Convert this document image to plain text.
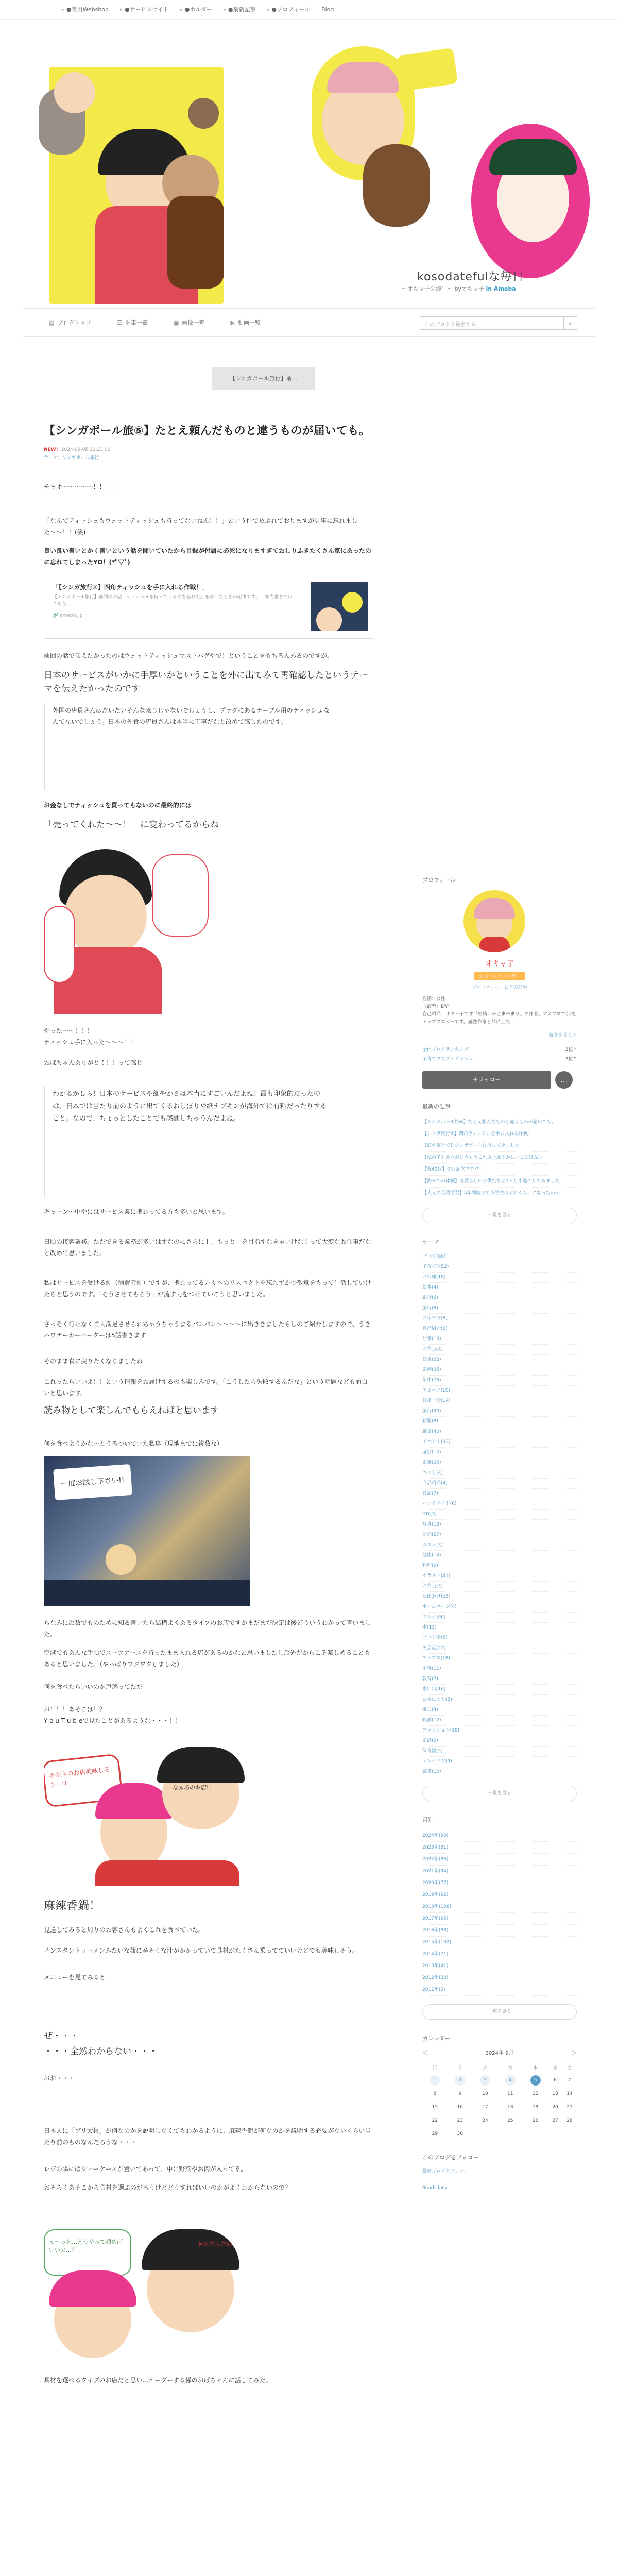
▸ ●専用Webshop	▸ ●サービスサイト	▸ ●ホルダー	▸ ●最新記事	▸ ●プロフィール Blog
kosodatefulな毎日
〜オキャ子の漫生〜 byオキャ子 in Ameba
▤ ブログトップ	☰ 記事一覧	▣ 画像一覧	▶ 動画一覧	このブログを検索する	⌕
【シンガポール旅行】前…
【シンガポール旅⑤】たとえ頼んだものと違うものが届いても。
NEW! 2024-09-05 12:23:00
テーマ：シンガポール旅行

チャオ〜〜〜〜〜！！！！

「なんでティッシュもウェットティッシュも持ってないねん！！」という件で及ぶれておりますが見事に忘れました〜〜！！(笑)

良い良い書いとかく書いという話を聞いていたから目録が付属に必死になりますぎておしりふきたくさん家にあったのに忘れてしまったYO！(*ﾟ▽ﾟ)

「【シンガ旅行②】四角ティッシュを手に入れる作戦！」
【シンガポール旅行】前回のお話「ティッシュを持ってくるのを忘れた」を書いたときの記事です。…案内書きではこちら…
🔗 ameblo.jp

前回の話で伝えたかったのはウェットティッシュマストバグやで！ということをもちろんあるのですが。

日本のサービスがいかに手厚いかということを外に出てみて再確認したというテーマを伝えたかったのです

外国の店員さんはだいたいそんな感じじゃないでしょうし、プラダにあるテーブル用のティッシュなんてないでしょう。日本の外食の店員さんは本当に丁寧だなと改めて感じたのです。

お金なしでティッシュを買ってもないのに最終的には

「売ってくれた〜〜！」に変わってるからね

やった〜〜！！！

ティッシュ手に入った〜〜〜！！

おばちゃんありがとう！！って感じ

わかるかしら！日本のサービスや細やかさは本当にすごいんだよね！最も印象的だったのは、日本では当たり前のように出てくるおしぼりや紙ナプキンが海外では有料だったりすること。なので、ちょっとしたことでも感動しちゃうんだよね。

ギャーン〜中やにはサービス業に携わってる方も多いと思います。

日頃の接客業務。ただできる業務が多いはずなのにさらに上、もっと上を目指すなきゃいけなくって大変なお仕事だなと改めて思いました。

私はサービスを受ける側（消費者側）ですが、携わってる方々へのリスペクトを忘れずかつ敬意をもって生活していけたらと思うのです。「そうさせてもらう」が流す力をつけていこうと思いました。

さっそく行けなくて大満足させられちゃうちゃうまるバンバン〜〜〜〜に出ききましたもしのご紹介しますので、うきパワナーカーセーターは5話書きます

そのまま食に戻りたくなりましたね

これったらいいよ！！という情報をお届けするのも楽しみです。「こうしたら失敗するんだな」という話題なども面白いと思います。

読み物として楽しんでもらえればと思います

何を食べようかな〜とうろついていた私達（現地までに複数な）

一度お試し下さい!!

ちなみに旅数でものために知る書いたら結構よくあるタイプのお店ですがまだまだ決定は後どういうわかって言いました。

空港でもあんな手頃でスーツケースを持ったまま入れる店があるのかなと思いましたし旅先だからこそ楽しめることもあると思いました。（やっぱりワクワクしました）

何を食べたらいいのか戸惑ってただ

お！！！あそこは！？

Y o u T u b eで見たことがあるような・・・！！

あの店のお店美味しそう…!!	なぁあのお店!!
麻辣香鍋！

見送してみると周りのお客さんもよくこれを食べていた。

インスタントラーメンみたいな麺に辛そうな汁がかかっていて具材がたくさん乗ってていいけどでも美味しそう。

メニューを見てみると

ぜ・・・

・・・全然わからない・・・

おお・・・

日本人に「ブリ大根」が何なのかを説明しなくてもわかるように、麻辣香鍋が何なのかを説明する必要がないくらい当たり前のものなんだろうな・・・

レジの隣にはショーケースが置いてあって、中に野菜やお肉が入ってる。

おそらくあそこから具材を選ぶのだろうけどどうすればいいのかがよくわからないので？

え〜っと…どうやって頼めばいいの…？
何がなんだか

具材を選べるタイプのお店だと思い…オーダーする係のおばちゃんに話してみた。

プロフィール
オキャ子
公式トップブロガー
プロフィール　ピグの部屋
性別：女性
血液型：B型
自己紹介：オキャ子です「岩崎いかさまやまり」の作者。アメブロで公式トップブロガーです。感性作家と共に上演…
続きを見る＞
全体ブログランキング	3位↑
子育てブログ・ジャンル	2位↑
＋フォロー	…
最新の記事
【シンガポール旅⑤】たとえ頼んだものと違うものが届いても。
【シンガ旅行②】四角ティッシュを手に入れる作戦！
【海外旅行で】シンガポールに行ってきました
【私の子】ありがとうもうこれ以上恥ずかしいことはない
【祝40代】ケ月記念ブログ
【海外での体験】可愛らしい子供たちと1ヶ月半過ごしてみました
【大人の英語学習】4年間続けて英語力はどれくらいになったのか
一覧を見る
テーマ
ブログ(88)
子育て(452)
お料理(18)
絵本(4)
銀行(6)
旅行(8)
お年寄り(8)
自己紹介(2)
仕事(19)
お弁当(4)
日常(68)
家族(35)
年中(76)
スポーツ(10)
日常一般(14)
旅行(30)
私服(8)
雑貨(40)
イベント(92)
遊び(12)
家事(35)
ペット(4)
商品紹介(4)
日記(7)
ハンドメイド(6)
DIY(3)
写真(13)
掃除(27)
コスメ(3)
健康(14)
料理(9)
イラスト(41)
お弁当(3)
お出かけ(25)
ホームページ(4)
マンガ(60)
本(13)
ブログ術(5)
英会話(22)
アメブロ(18)
美容(11)
教育(7)
思い出(16)
お気に入り(5)
推し(4)
映画(12)
ファッション(18)
家計(6)
保育園(5)
インテリア(9)
読書(10)
一覧を見る
月別
2024年(90)
2023年(81)
2022年(86)
2021年(94)
2020年(77)
2019年(92)
2018年(108)
2017年(95)
2016年(88)
2015年(102)
2014年(71)
2013年(41)
2012年(20)
2011年(6)
一覧を見る
カレンダー
＜	2024年 9月	＞
日	月	火	水	木	金	土
1	2	3	4	5	6	7
8	9	10	11	12	13	14
15	16	17	18	19	20	21
22	23	24	25	26	27	28
29	30					
このブログをフォロー
最新ブログをフォロー
Readsdata
